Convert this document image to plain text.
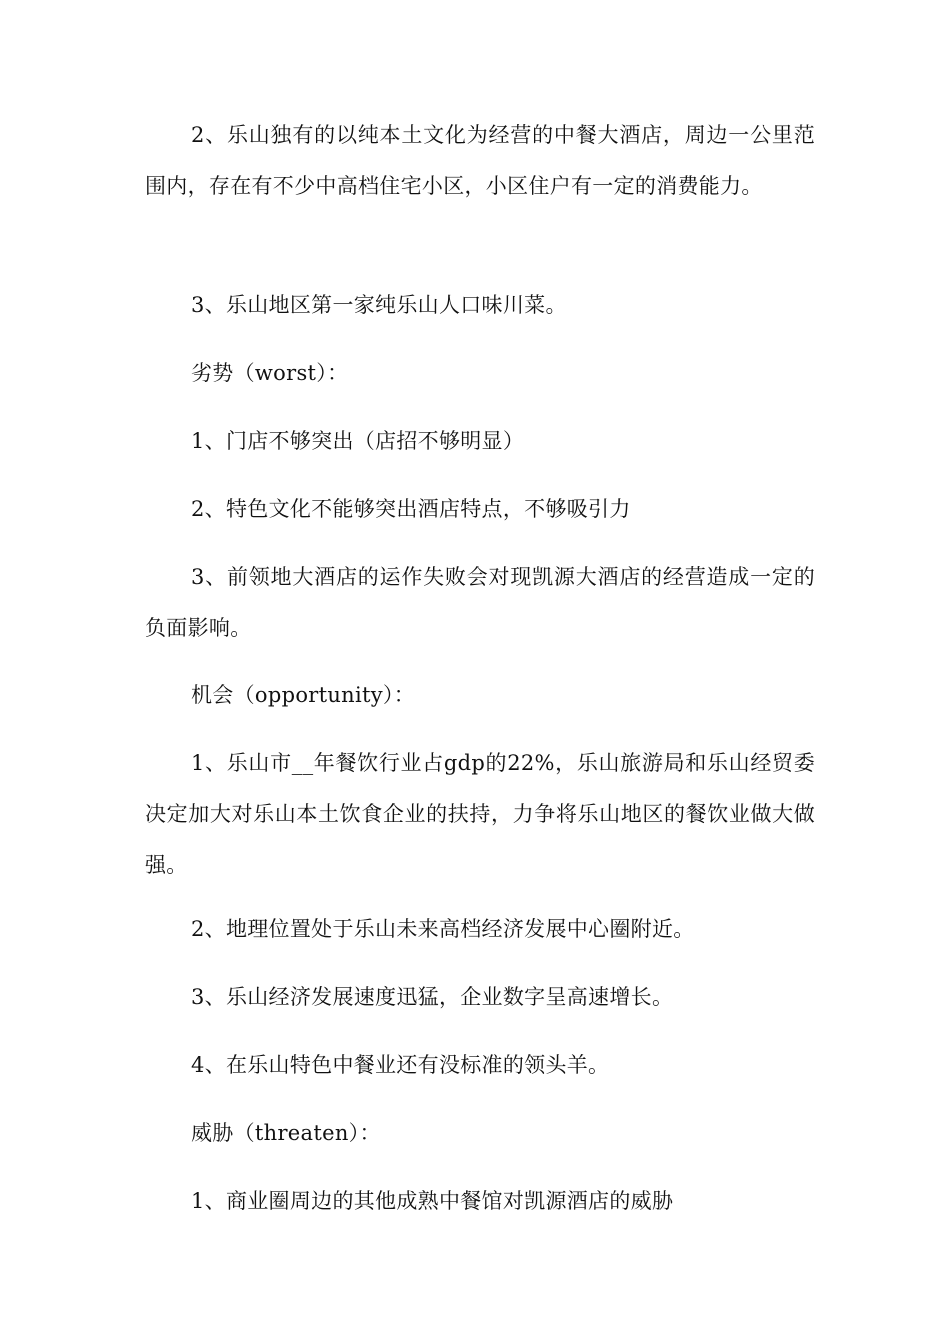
2、乐山独有的以纯本土文化为经营的中餐大酒店，周边一公里范围内，存在有不少中高档住宅小区，小区住户有一定的消费能力。

3、乐山地区第一家纯乐山人口味川菜。

劣势（worst）：

1、门店不够突出（店招不够明显）

2、特色文化不能够突出酒店特点，不够吸引力

3、前领地大酒店的运作失败会对现凯源大酒店的经营造成一定的负面影响。

机会（opportunity）：

1、乐山市__年餐饮行业占gdp的22%，乐山旅游局和乐山经贸委决定加大对乐山本土饮食企业的扶持，力争将乐山地区的餐饮业做大做强。

2、地理位置处于乐山未来高档经济发展中心圈附近。

3、乐山经济发展速度迅猛，企业数字呈高速增长。

4、在乐山特色中餐业还有没标准的领头羊。

威胁（threaten）：

1、商业圈周边的其他成熟中餐馆对凯源酒店的威胁
